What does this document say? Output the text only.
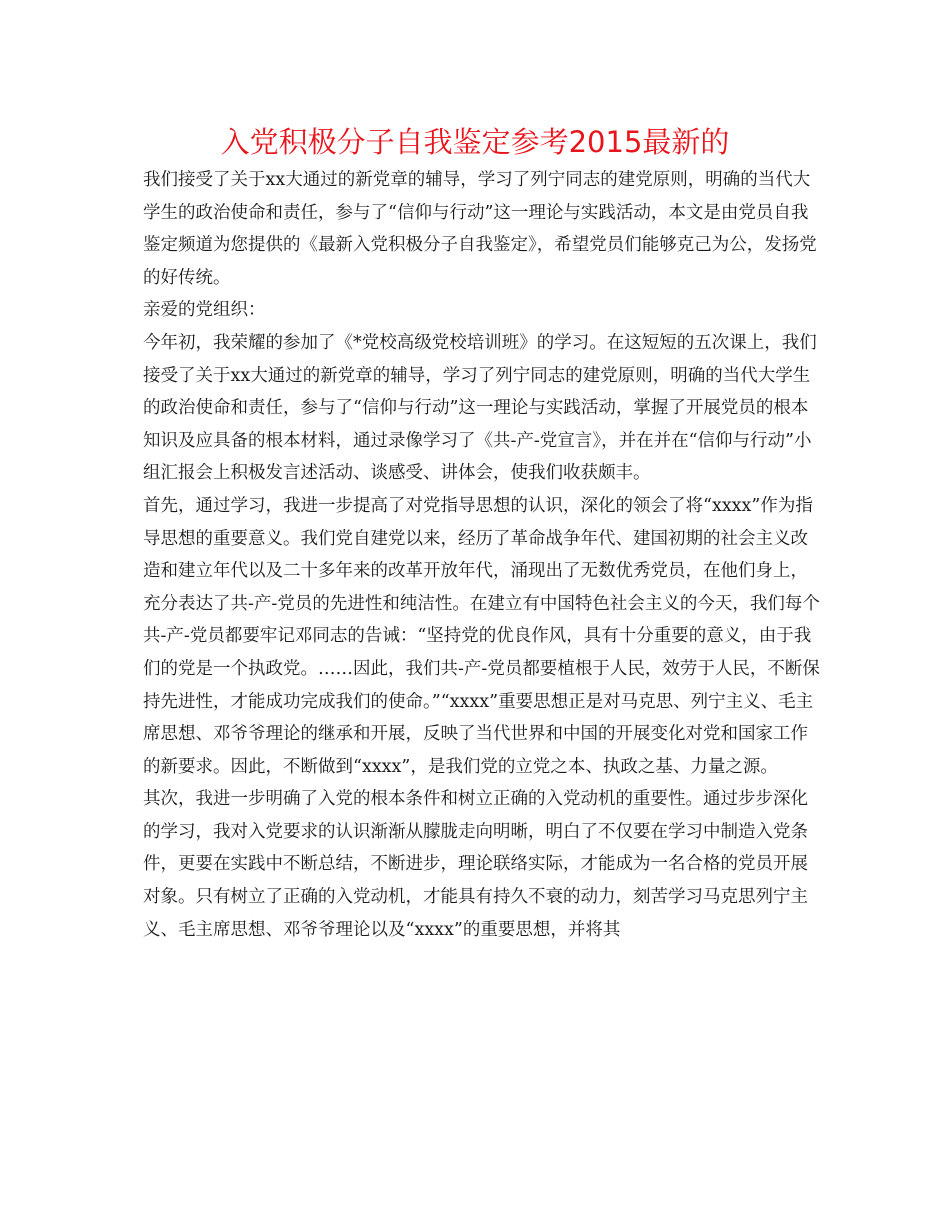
入党积极分子自我鉴定参考2015最新的

我们接受了关于xx大通过的新党章的辅导，学习了列宁同志的建党原则，明确的当代大学生的政治使命和责任，参与了“信仰与行动”这一理论与实践活动，本文是由党员自我鉴定频道为您提供的《最新入党积极分子自我鉴定》，希望党员们能够克己为公，发扬党的好传统。

亲爱的党组织：

今年初，我荣耀的参加了《*党校高级党校培训班》的学习。在这短短的五次课上，我们接受了关于xx大通过的新党章的辅导，学习了列宁同志的建党原则，明确的当代大学生的政治使命和责任，参与了“信仰与行动”这一理论与实践活动，掌握了开展党员的根本知识及应具备的根本材料，通过录像学习了《共-产-党宣言》，并在并在“信仰与行动”小组汇报会上积极发言述活动、谈感受、讲体会，使我们收获颇丰。

首先，通过学习，我进一步提高了对党指导思想的认识，深化的领会了将“xxxx”作为指导思想的重要意义。我们党自建党以来，经历了革命战争年代、建国初期的社会主义改造和建立年代以及二十多年来的改革开放年代，涌现出了无数优秀党员，在他们身上，充分表达了共-产-党员的先进性和纯洁性。在建立有中国特色社会主义的今天，我们每个共-产-党员都要牢记邓同志的告诫：“坚持党的优良作风，具有十分重要的意义，由于我们的党是一个执政党。……因此，我们共-产-党员都要植根于人民，效劳于人民，不断保持先进性，才能成功完成我们的使命。”“xxxx”重要思想正是对马克思、列宁主义、毛主席思想、邓爷爷理论的继承和开展，反映了当代世界和中国的开展变化对党和国家工作的新要求。因此，不断做到“xxxx”，是我们党的立党之本、执政之基、力量之源。

其次，我进一步明确了入党的根本条件和树立正确的入党动机的重要性。通过步步深化的学习，我对入党要求的认识渐渐从朦胧走向明晰，明白了不仅要在学习中制造入党条件，更要在实践中不断总结，不断进步，理论联络实际，才能成为一名合格的党员开展对象。只有树立了正确的入党动机，才能具有持久不衰的动力，刻苦学习马克思列宁主义、毛主席思想、邓爷爷理论以及“xxxx”的重要思想，并将其
